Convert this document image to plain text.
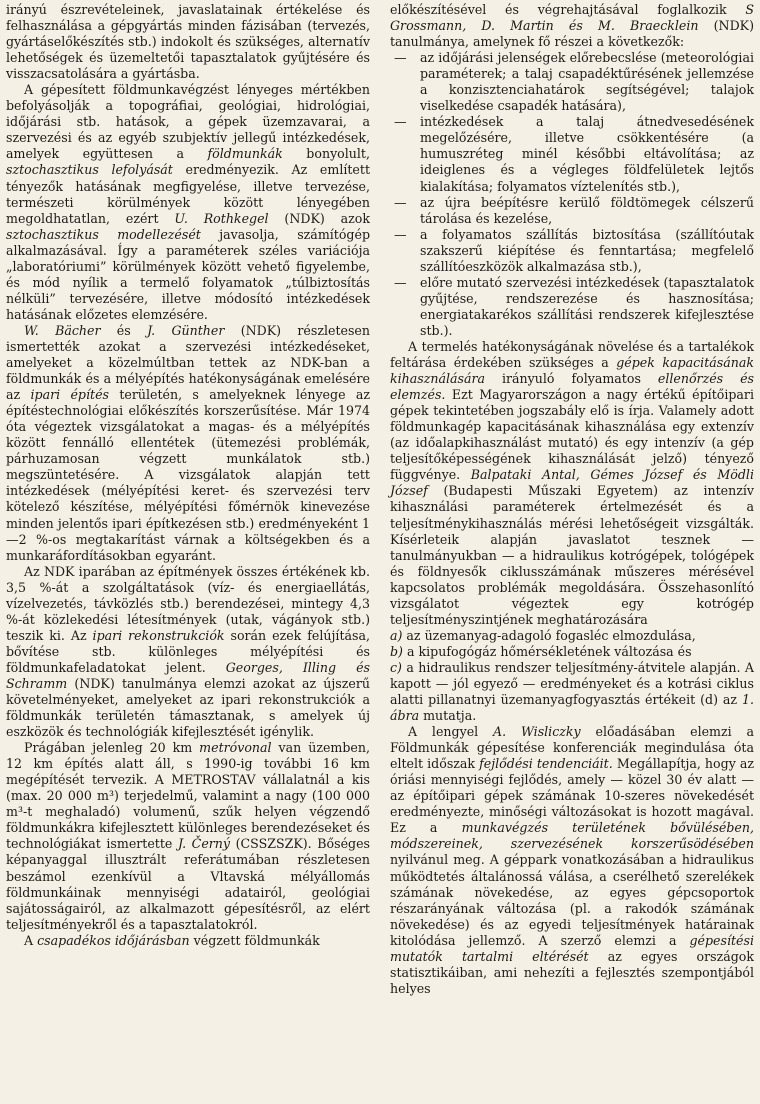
irányú észrevételeinek, javaslatainak értékelése és felhasználása a gépgyártás minden fázisában (tervezés, gyártáselőkészítés stb.) indokolt és szükséges, alternatív lehetőségek és üzemeltetői tapasztalatok gyűjtésére és visszacsatolására a gyártásba.

A gépesített földmunkavégzést lényeges mértékben befolyásolják a topográfiai, geológiai, hidrológiai, időjárási stb. hatások, a gépek üzemzavarai, a szervezési és az egyéb szubjektív jellegű intézkedések, amelyek együttesen a földmunkák bonyolult, sztochasztikus lefolyását eredményezik. Az említett tényezők hatásának megfigyelése, illetve tervezése, természeti körülmények között lényegében megoldhatatlan, ezért U. Rothkegel (NDK) azok sztochasztikus modellezését javasolja, számítógép alkalmazásával. Így a paraméterek széles variációja „laboratóriumi” körülmények között vehető figyelembe, és mód nyílik a termelő folyamatok „túlbiztosítás nélküli” tervezésére, illetve módosító intézkedések hatásának előzetes elemzésére.

W. Bächer és J. Günther (NDK) részletesen ismertették azokat a szervezési intézkedéseket, amelyeket a közelmúltban tettek az NDK-ban a földmunkák és a mélyépítés hatékonyságának emelésére az ipari építés területén, s amelyeknek lényege az építéstechnológiai előkészítés korszerűsítése. Már 1974 óta végeztek vizsgálatokat a magas- és a mélyépítés között fennálló ellentétek (ütemezési problémák, párhuzamosan végzett munkálatok stb.) megszüntetésére. A vizsgálatok alapján tett intézkedések (mélyépítési keret- és szervezési terv kötelező készítése, mélyépítési főmérnök kinevezése minden jelentős ipari építkezésen stb.) eredményeként 1—2 %-os megtakarítást várnak a költségekben és a munkaráfordításokban egyaránt.

Az NDK iparában az építmények összes értékének kb. 3,5 %-át a szolgáltatások (víz- és energiaellátás, vízelvezetés, távközlés stb.) berendezései, mintegy 4,3 %-át közlekedési létesítmények (utak, vágányok stb.) teszik ki. Az ipari rekonstrukciók során ezek felújítása, bővítése stb. különleges mélyépítési és földmunkafeladatokat jelent. Georges, Illing és Schramm (NDK) tanulmánya elemzi azokat az újszerű követelményeket, amelyeket az ipari rekonstrukciók a földmunkák területén támasztanak, s amelyek új eszközök és technológiák kifejlesztését igénylik.

Prágában jelenleg 20 km metróvonal van üzemben, 12 km építés alatt áll, s 1990-ig további 16 km megépítését tervezik. A METROSTAV vállalatnál a kis (max. 20 000 m³) terjedelmű, valamint a nagy (100 000 m³-t meghaladó) volumenű, szűk helyen végzendő földmunkákra kifejlesztett különleges berendezéseket és technológiákat ismertette J. Černý (CSSZSZK). Bőséges képanyaggal illusztrált referátumában részletesen beszámol ezenkívül a Vltavská mélyállomás földmunkáinak mennyiségi adatairól, geológiai sajátosságairól, az alkalmazott gépesítésről, az elért teljesítményekről és a tapasztalatokról.

A csapadékos időjárásban végzett földmunkák

előkészítésével és végrehajtásával foglalkozik S Grossmann, D. Martin és M. Braecklein (NDK) tanulmánya, amelynek fő részei a következők:

— az időjárási jelenségek előrebecslése (meteorológiai paraméterek; a talaj csapadéktűrésének jellemzése a konzisztenciahatárok segítségével; talajok viselkedése csapadék hatására),
— intézkedések a talaj átnedvesedésének megelőzésére, illetve csökkentésére (a humuszréteg minél későbbi eltávolítása; az ideiglenes és a végleges földfelületek lejtős kialakítása; folyamatos víztelenítés stb.),
— az újra beépítésre kerülő földtömegek célszerű tárolása és kezelése,
— a folyamatos szállítás biztosítása (szállítóutak szakszerű kiépítése és fenntartása; megfelelő szállítóeszközök alkalmazása stb.),
— előre mutató szervezési intézkedések (tapasztalatok gyűjtése, rendszerezése és hasznosítása; energiatakarékos szállítási rendszerek kifejlesztése stb.).

A termelés hatékonyságának növelése és a tartalékok feltárása érdekében szükséges a gépek kapacitásának kihasználására irányuló folyamatos ellenőrzés és elemzés. Ezt Magyarországon a nagy értékű építőipari gépek tekintetében jogszabály elő is írja. Valamely adott földmunkagép kapacitásának kihasználása egy extenzív (az időalapkihasználást mutató) és egy intenzív (a gép teljesítőképességének kihasználását jelző) tényező függvénye. Balpataki Antal, Gémes József és Mödli József (Budapesti Műszaki Egyetem) az intenzív kihasználási paraméterek értelmezését és a teljesítménykihasználás mérési lehetőségeit vizsgálták. Kísérleteik alapján javaslatot tesznek — tanulmányukban — a hidraulikus kotrógépek, tológépek és földnyesők ciklusszámának műszeres mérésével kapcsolatos problémák megoldására. Összehasonlító vizsgálatot végeztek egy kotrógép teljesítményszintjének meghatározására

a) az üzemanyag-adagoló fogasléc elmozdulása,
b) a kipufogógáz hőmérsékletének változása és
c) a hidraulikus rendszer teljesítmény-átvitele alapján. A kapott — jól egyező — eredményeket és a kotrási ciklus alatti pillanatnyi üzemanyagfogyasztás értékeit (d) az 1. ábra mutatja.

A lengyel A. Wisliczky előadásában elemzi a Földmunkák gépesítése konferenciák megindulása óta eltelt időszak fejlődési tendenciáit. Megállapítja, hogy az óriási mennyiségi fejlődés, amely — közel 30 év alatt — az építőipari gépek számának 10-szeres növekedését eredményezte, minőségi változásokat is hozott magával. Ez a munkavégzés területének bővülésében, módszereinek, szervezésének korszerűsödésében nyilvánul meg. A géppark vonatkozásában a hidraulikus működtetés általánossá válása, a cserélhető szerelékek számának növekedése, az egyes gépcsoportok részarányának változása (pl. a rakodók számának növekedése) és az egyedi teljesítmények határainak kitolódása jellemző. A szerző elemzi a gépesítési mutatók tartalmi eltérését az egyes országok statisztikáiban, ami nehezíti a fejlesztés szempontjából helyes
